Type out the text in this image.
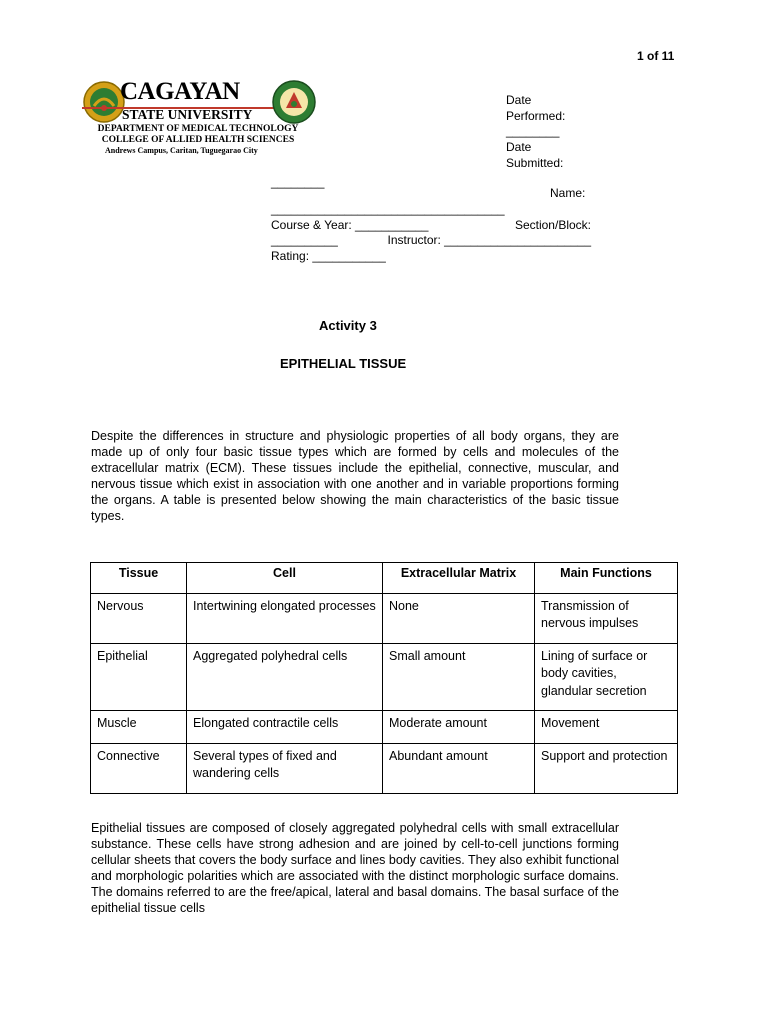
1 of 11
CAGAYAN
STATE UNIVERSITY
DEPARTMENT OF MEDICAL TECHNOLOGY
COLLEGE OF ALLIED HEALTH SCIENCES
Andrews Campus, Caritan, Tuguegarao City
Date
Performed:
________
Date
Submitted:
________
Name:
___________________________________
Course & Year: ___________	Section/Block:
__________	Instructor: ______________________
Rating: ___________
Activity 3
EPITHELIAL TISSUE
Despite the differences in structure and physiologic properties of all body organs, they are made up of only four basic tissue types which are formed by cells and molecules of the extracellular matrix (ECM). These tissues include the epithelial, connective, muscular, and nervous tissue which exist in association with one another and in variable proportions forming the organs. A table is presented below showing the main characteristics of the basic tissue types.
Tissue	Cell	Extracellular Matrix	Main Functions
Nervous	Intertwining elongated processes	None	Transmission of nervous impulses
Epithelial	Aggregated polyhedral cells	Small amount	Lining of surface or body cavities, glandular secretion
Muscle	Elongated contractile cells	Moderate amount	Movement
Connective	Several types of fixed and wandering cells	Abundant amount	Support and protection
Epithelial tissues are composed of closely aggregated polyhedral cells with small extracellular substance. These cells have strong adhesion and are joined by cell-to-cell junctions forming cellular sheets that covers the body surface and lines body cavities. They also exhibit functional and morphologic polarities which are associated with the distinct morphologic surface domains. The domains referred to are the free/apical, lateral and basal domains. The basal surface of the epithelial tissue cells
